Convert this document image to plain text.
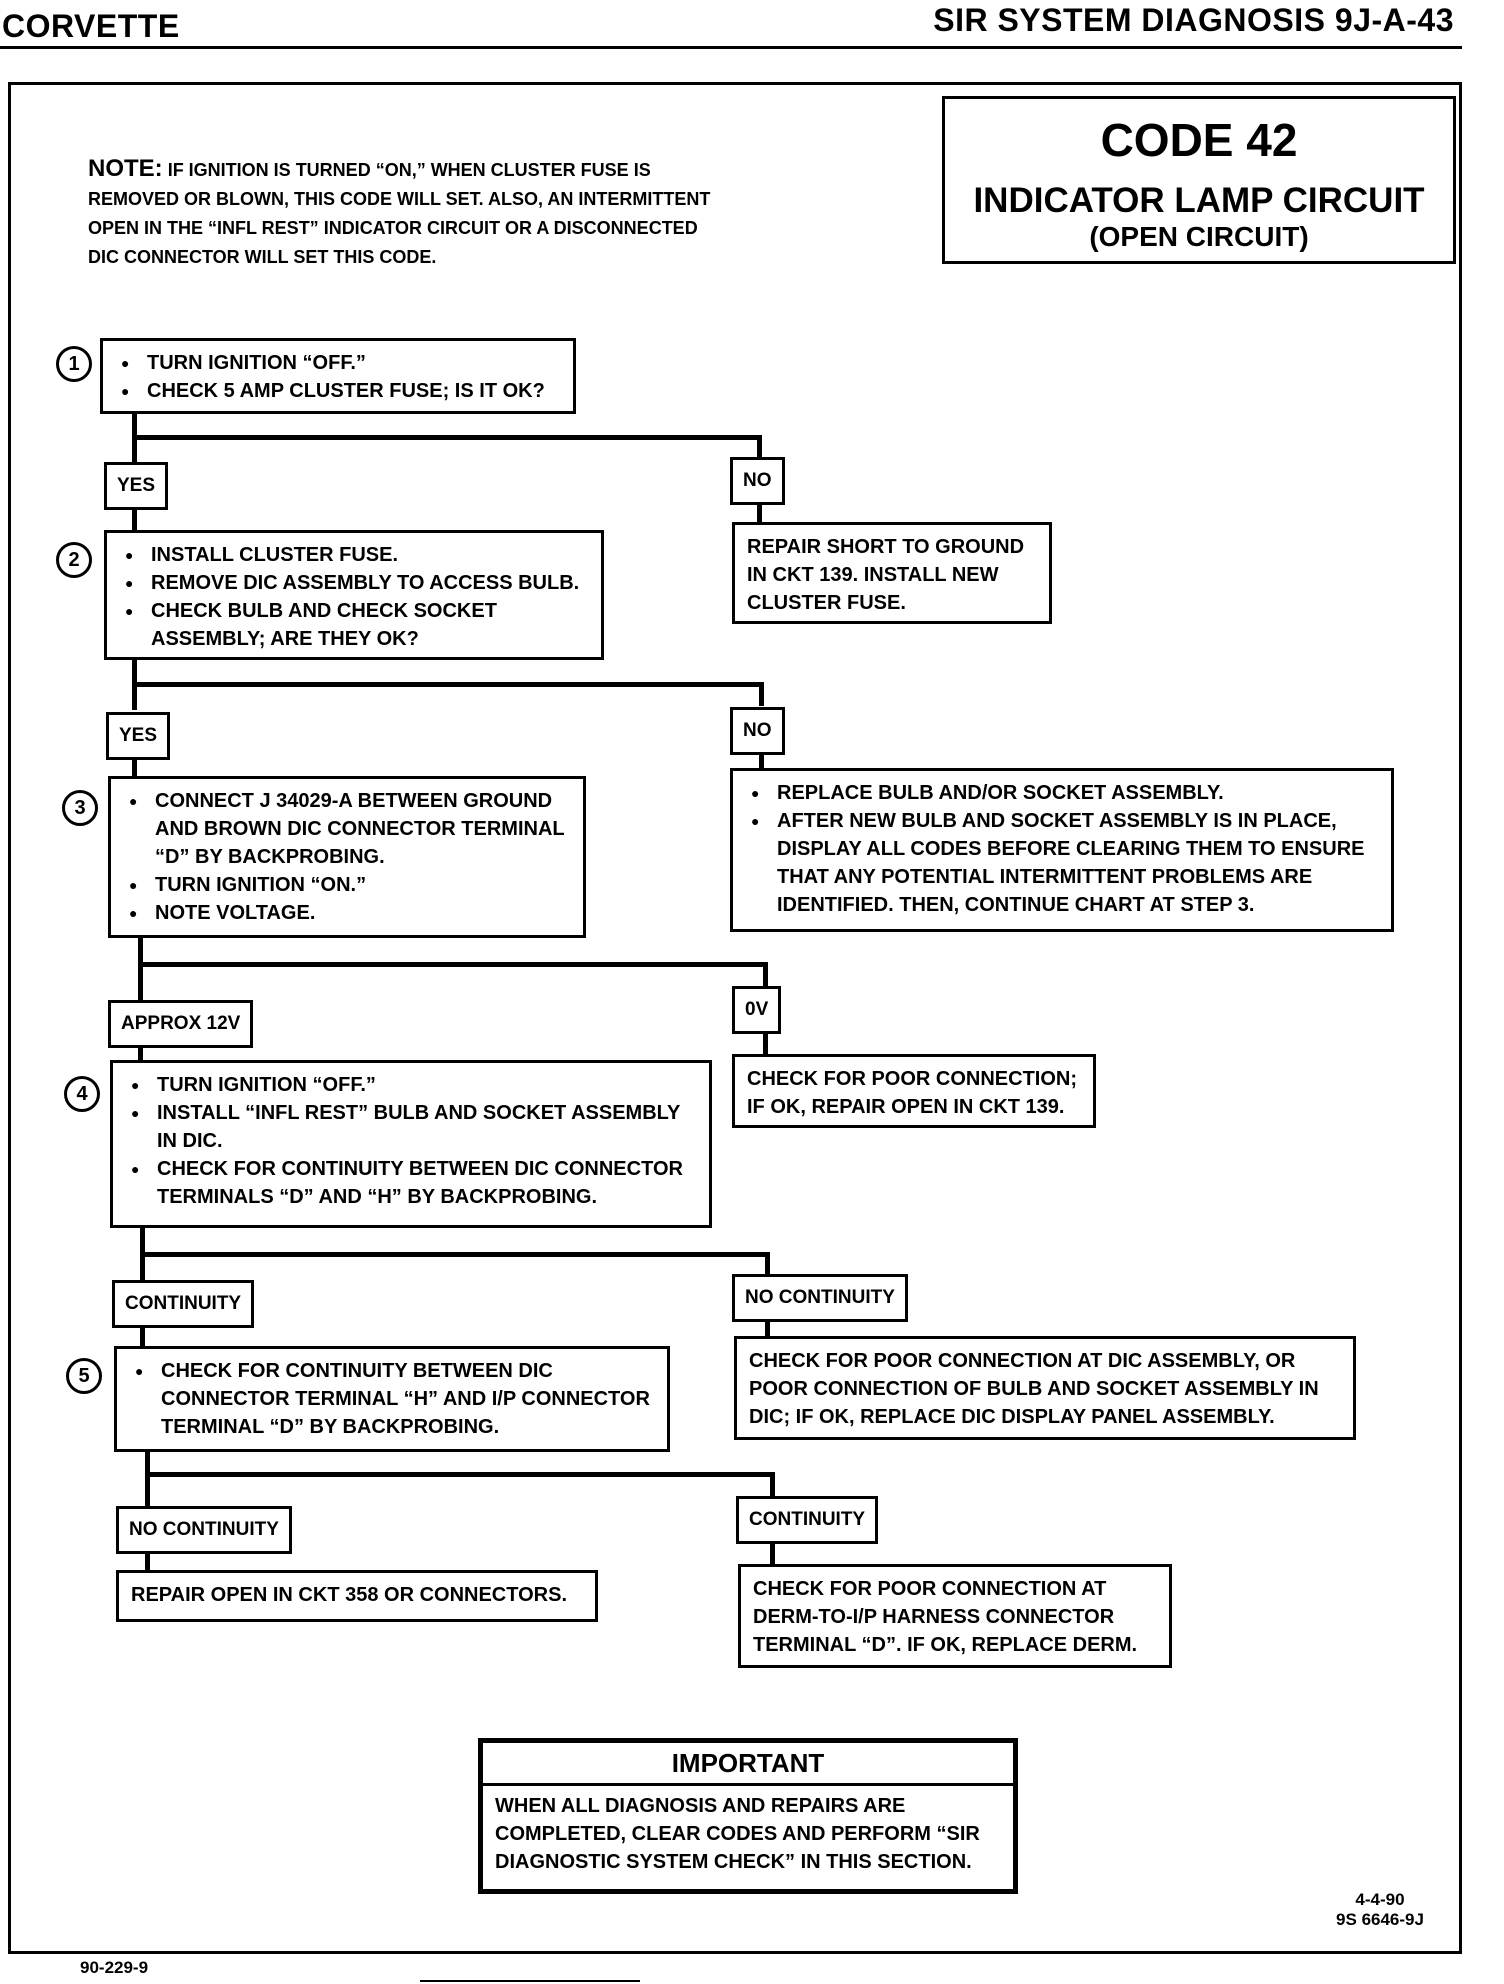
CORVETTE	SIR SYSTEM DIAGNOSIS 9J-A-43
CODE 42
INDICATOR LAMP CIRCUIT
(OPEN CIRCUIT)
NOTE: IF IGNITION IS TURNED “ON,” WHEN CLUSTER FUSE IS REMOVED OR BLOWN, THIS CODE WILL SET. ALSO, AN INTERMITTENT OPEN IN THE “INFL REST” INDICATOR CIRCUIT OR A DISCONNECTED DIC CONNECTOR WILL SET THIS CODE.
1	● TURN IGNITION “OFF.”
● CHECK 5 AMP CLUSTER FUSE; IS IT OK?
YES	NO
REPAIR SHORT TO GROUND IN CKT 139. INSTALL NEW CLUSTER FUSE.
2	● INSTALL CLUSTER FUSE.
● REMOVE DIC ASSEMBLY TO ACCESS BULB.
● CHECK BULB AND CHECK SOCKET ASSEMBLY; ARE THEY OK?
YES	NO
● REPLACE BULB AND/OR SOCKET ASSEMBLY.
● AFTER NEW BULB AND SOCKET ASSEMBLY IS IN PLACE, DISPLAY ALL CODES BEFORE CLEARING THEM TO ENSURE THAT ANY POTENTIAL INTERMITTENT PROBLEMS ARE IDENTIFIED. THEN, CONTINUE CHART AT STEP 3.
3	● CONNECT J 34029-A BETWEEN GROUND AND BROWN DIC CONNECTOR TERMINAL “D” BY BACKPROBING.
● TURN IGNITION “ON.”
● NOTE VOLTAGE.
APPROX 12V
0V
CHECK FOR POOR CONNECTION; IF OK, REPAIR OPEN IN CKT 139.
4	● TURN IGNITION “OFF.”
● INSTALL “INFL REST” BULB AND SOCKET ASSEMBLY IN DIC.
● CHECK FOR CONTINUITY BETWEEN DIC CONNECTOR TERMINALS “D” AND “H” BY BACKPROBING.
CONTINUITY	NO CONTINUITY
CHECK FOR POOR CONNECTION AT DIC ASSEMBLY, OR POOR CONNECTION OF BULB AND SOCKET ASSEMBLY IN DIC; IF OK, REPLACE DIC DISPLAY PANEL ASSEMBLY.
5	● CHECK FOR CONTINUITY BETWEEN DIC CONNECTOR TERMINAL “H” AND I/P CONNECTOR TERMINAL “D” BY BACKPROBING.
NO CONTINUITY	CONTINUITY
REPAIR OPEN IN CKT 358 OR CONNECTORS.	CHECK FOR POOR CONNECTION AT DERM-TO-I/P HARNESS CONNECTOR TERMINAL “D”. IF OK, REPLACE DERM.
IMPORTANT
WHEN ALL DIAGNOSIS AND REPAIRS ARE COMPLETED, CLEAR CODES AND PERFORM “SIR DIAGNOSTIC SYSTEM CHECK” IN THIS SECTION.
4-4-90
9S 6646-9J
90-229-9
